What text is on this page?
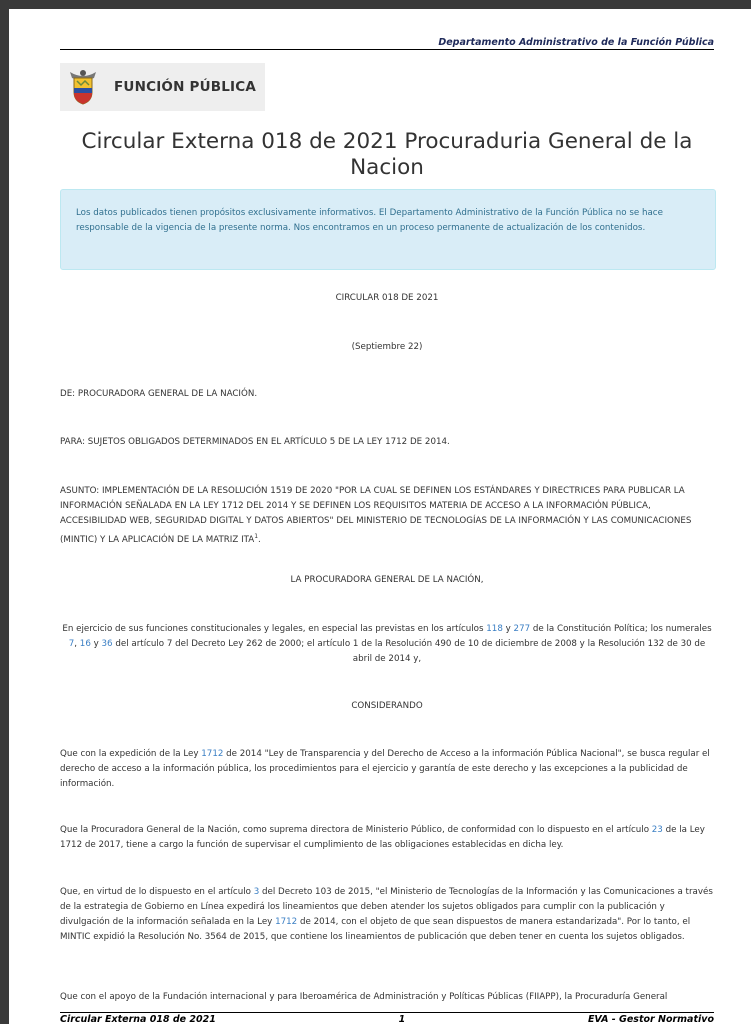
Departamento Administrativo de la Función Pública
FUNCIÓN PÚBLICA
Circular Externa 018 de 2021 Procuraduria General de la Nacion
Los datos publicados tienen propósitos exclusivamente informativos. El Departamento Administrativo de la Función Pública no se hace responsable de la vigencia de la presente norma. Nos encontramos en un proceso permanente de actualización de los contenidos.
CIRCULAR 018 DE 2021
(Septiembre 22)
DE: PROCURADORA GENERAL DE LA NACIÓN.
PARA: SUJETOS OBLIGADOS DETERMINADOS EN EL ARTÍCULO 5 DE LA LEY 1712 DE 2014.
ASUNTO: IMPLEMENTACIÓN DE LA RESOLUCIÓN 1519 DE 2020 "POR LA CUAL SE DEFINEN LOS ESTÁNDARES Y DIRECTRICES PARA PUBLICAR LA INFORMACIÓN SEÑALADA EN LA LEY 1712 DEL 2014 Y SE DEFINEN LOS REQUISITOS MATERIA DE ACCESO A LA INFORMACIÓN PÚBLICA, ACCESIBILIDAD WEB, SEGURIDAD DIGITAL Y DATOS ABIERTOS" DEL MINISTERIO DE TECNOLOGÍAS DE LA INFORMACIÓN Y LAS COMUNICACIONES (MINTIC) Y LA APLICACIÓN DE LA MATRIZ ITA$^1$.
LA PROCURADORA GENERAL DE LA NACIÓN,
En ejercicio de sus funciones constitucionales y legales, en especial las previstas en los artículos 118 y 277 de la Constitución Política; los numerales 7, 16 y 36 del artículo 7 del Decreto Ley 262 de 2000; el artículo 1 de la Resolución 490 de 10 de diciembre de 2008 y la Resolución 132 de 30 de abril de 2014 y,
CONSIDERANDO
Que con la expedición de la Ley 1712 de 2014 "Ley de Transparencia y del Derecho de Acceso a la información Pública Nacional", se busca regular el derecho de acceso a la información pública, los procedimientos para el ejercicio y garantía de este derecho y las excepciones a la publicidad de información.
Que la Procuradora General de la Nación, como suprema directora de Ministerio Público, de conformidad con lo dispuesto en el artículo 23 de la Ley 1712 de 2017, tiene a cargo la función de supervisar el cumplimiento de las obligaciones establecidas en dicha ley.
Que, en virtud de lo dispuesto en el artículo 3 del Decreto 103 de 2015, "el Ministerio de Tecnologías de la Información y las Comunicaciones a través de la estrategia de Gobierno en Línea expedirá los lineamientos que deben atender los sujetos obligados para cumplir con la publicación y divulgación de la información señalada en la Ley 1712 de 2014, con el objeto de que sean dispuestos de manera estandarizada". Por lo tanto, el MINTIC expidió la Resolución No. 3564 de 2015, que contiene los lineamientos de publicación que deben tener en cuenta los sujetos obligados.
Que con el apoyo de la Fundación internacional y para Iberoamérica de Administración y Políticas Públicas (FIIAPP), la Procuraduría General
Circular Externa 018 de 2021	1	EVA - Gestor Normativo
